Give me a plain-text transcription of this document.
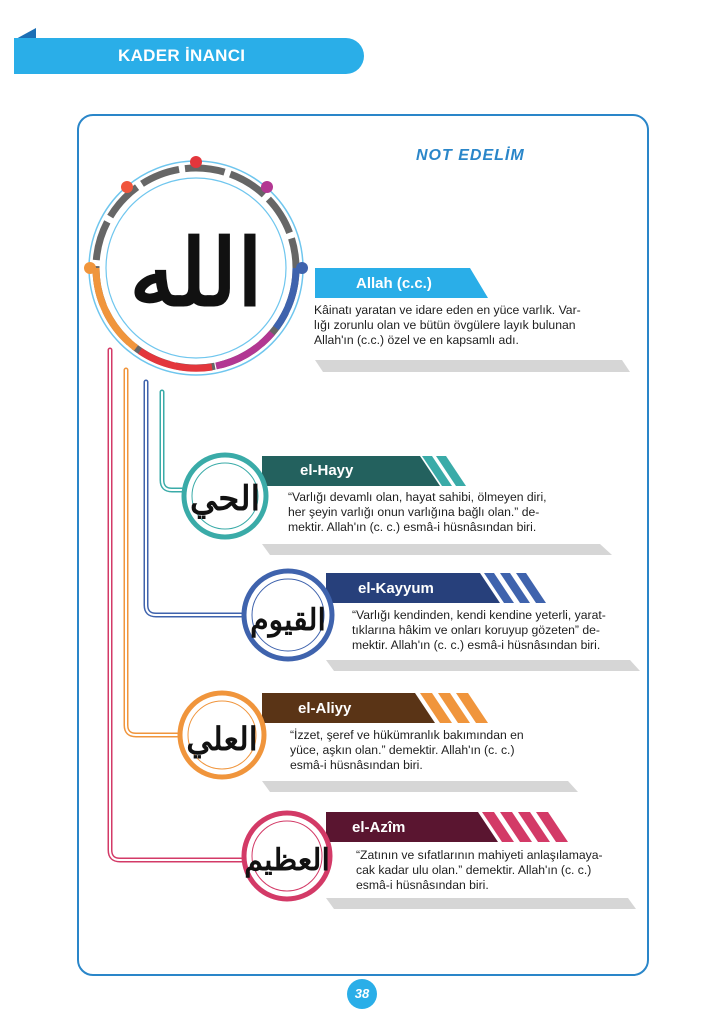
KADER İNANCI
NOT EDELİM
الله
الحي
القيوم
العلي
العظيم
Allah (c.c.)
Kâinatı yaratan ve idare eden en yüce varlık. Var-
lığı zorunlu olan ve bütün övgülere layık bulunan
Allah'ın (c.c.) özel ve en kapsamlı adı.
el-Hayy
“Varlığı devamlı olan, hayat sahibi, ölmeyen diri,
her şeyin varlığı onun varlığına bağlı olan.” de-
mektir. Allah'ın (c. c.) esmâ-i hüsnâsından biri.
el-Kayyum
“Varlığı kendinden, kendi kendine yeterli, yarat-
tıklarına hâkim ve onları koruyup gözeten” de-
mektir. Allah'ın (c. c.) esmâ-i hüsnâsından biri.
el-Aliyy
“İzzet, şeref ve hükümranlık bakımından en
yüce, aşkın olan.” demektir. Allah'ın (c. c.)
esmâ-i hüsnâsından biri.
el-Azîm
“Zatının ve sıfatlarının mahiyeti anlaşılamaya-
cak kadar ulu olan.” demektir. Allah'ın (c. c.)
esmâ-i hüsnâsından biri.
38
